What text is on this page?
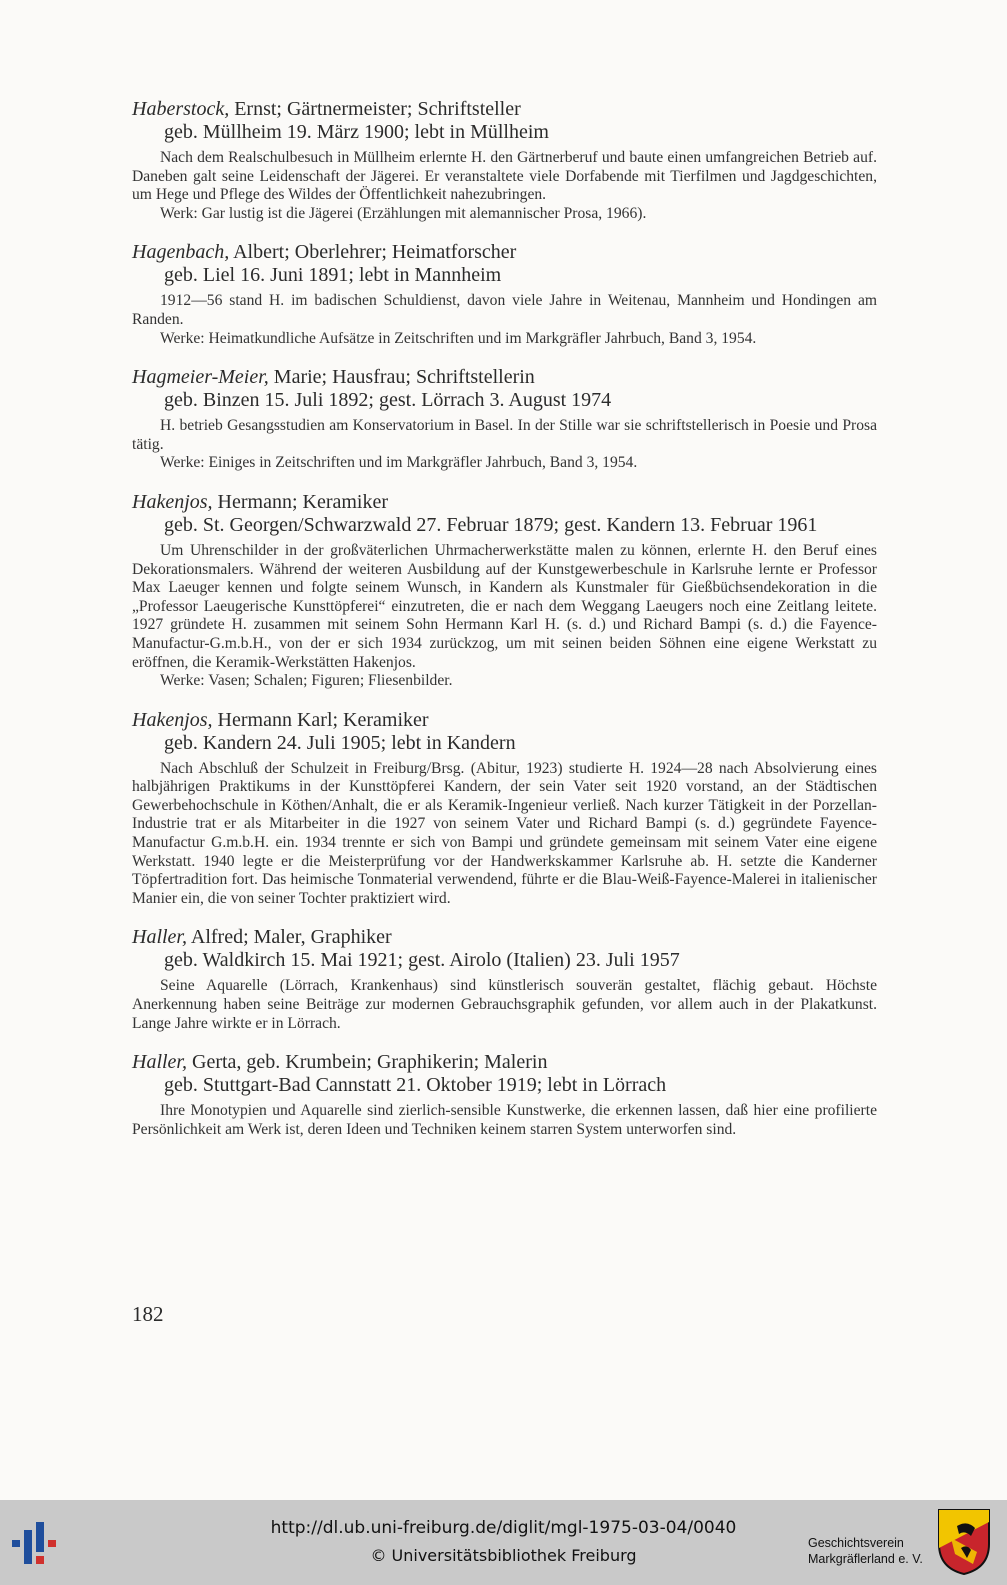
Haberstock, Ernst; Gärtnermeister; Schriftsteller
geb. Müllheim 19. März 1900; lebt in Müllheim

Nach dem Realschulbesuch in Müllheim erlernte H. den Gärtnerberuf und baute einen umfangreichen Betrieb auf. Daneben galt seine Leidenschaft der Jägerei. Er veranstaltete viele Dorfabende mit Tierfilmen und Jagdgeschichten, um Hege und Pflege des Wildes der Öffentlichkeit nahezubringen.

Werk: Gar lustig ist die Jägerei (Erzählungen mit alemannischer Prosa, 1966).

Hagenbach, Albert; Oberlehrer; Heimatforscher
geb. Liel 16. Juni 1891; lebt in Mannheim

1912—56 stand H. im badischen Schuldienst, davon viele Jahre in Weitenau, Mannheim und Hondingen am Randen.

Werke: Heimatkundliche Aufsätze in Zeitschriften und im Markgräfler Jahrbuch, Band 3, 1954.

Hagmeier-Meier, Marie; Hausfrau; Schriftstellerin
geb. Binzen 15. Juli 1892; gest. Lörrach 3. August 1974

H. betrieb Gesangsstudien am Konservatorium in Basel. In der Stille war sie schriftstellerisch in Poesie und Prosa tätig.

Werke: Einiges in Zeitschriften und im Markgräfler Jahrbuch, Band 3, 1954.

Hakenjos, Hermann; Keramiker
geb. St. Georgen/Schwarzwald 27. Februar 1879; gest. Kandern 13. Februar 1961

Um Uhrenschilder in der großväterlichen Uhrmacherwerkstätte malen zu können, erlernte H. den Beruf eines Dekorationsmalers. Während der weiteren Ausbildung auf der Kunstgewerbeschule in Karlsruhe lernte er Professor Max Laeuger kennen und folgte seinem Wunsch, in Kandern als Kunstmaler für Gießbüchsendekoration in die „Professor Laeugerische Kunsttöpferei“ einzutreten, die er nach dem Weggang Laeugers noch eine Zeitlang leitete. 1927 gründete H. zusammen mit seinem Sohn Hermann Karl H. (s. d.) und Richard Bampi (s. d.) die Fayence-Manufactur-G.m.b.H., von der er sich 1934 zurückzog, um mit seinen beiden Söhnen eine eigene Werkstatt zu eröffnen, die Keramik-Werkstätten Hakenjos.

Werke: Vasen; Schalen; Figuren; Fliesenbilder.

Hakenjos, Hermann Karl; Keramiker
geb. Kandern 24. Juli 1905; lebt in Kandern

Nach Abschluß der Schulzeit in Freiburg/Brsg. (Abitur, 1923) studierte H. 1924—28 nach Absolvierung eines halbjährigen Praktikums in der Kunsttöpferei Kandern, der sein Vater seit 1920 vorstand, an der Städtischen Gewerbehochschule in Köthen/Anhalt, die er als Keramik-Ingenieur verließ. Nach kurzer Tätigkeit in der Porzellan-Industrie trat er als Mitarbeiter in die 1927 von seinem Vater und Richard Bampi (s. d.) gegründete Fayence-Manufactur G.m.b.H. ein. 1934 trennte er sich von Bampi und gründete gemeinsam mit seinem Vater eine eigene Werkstatt. 1940 legte er die Meisterprüfung vor der Handwerkskammer Karlsruhe ab. H. setzte die Kanderner Töpfertradition fort. Das heimische Tonmaterial verwendend, führte er die Blau-Weiß-Fayence-Malerei in italienischer Manier ein, die von seiner Tochter praktiziert wird.

Haller, Alfred; Maler, Graphiker
geb. Waldkirch 15. Mai 1921; gest. Airolo (Italien) 23. Juli 1957

Seine Aquarelle (Lörrach, Krankenhaus) sind künstlerisch souverän gestaltet, flächig gebaut. Höchste Anerkennung haben seine Beiträge zur modernen Gebrauchsgraphik gefunden, vor allem auch in der Plakatkunst. Lange Jahre wirkte er in Lörrach.

Haller, Gerta, geb. Krumbein; Graphikerin; Malerin
geb. Stuttgart-Bad Cannstatt 21. Oktober 1919; lebt in Lörrach

Ihre Monotypien und Aquarelle sind zierlich-sensible Kunstwerke, die erkennen lassen, daß hier eine profilierte Persönlichkeit am Werk ist, deren Ideen und Techniken keinem starren System unterworfen sind.

182
http://dl.ub.uni-freiburg.de/diglit/mgl-1975-03-04/0040
© Universitätsbibliothek Freiburg
Geschichtsverein
Markgräflerland e. V.
